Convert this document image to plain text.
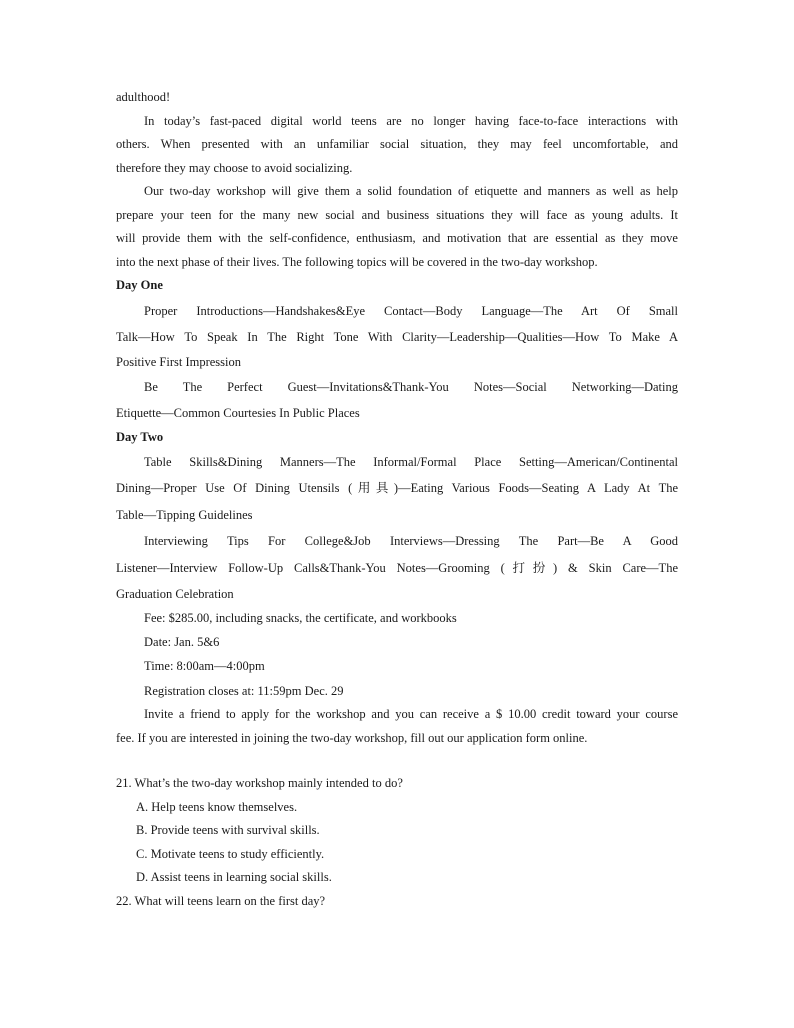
adulthood!
In today’s fast-paced digital world teens are no longer having face-to-face interactions with
others. When presented with an unfamiliar social situation, they may feel uncomfortable, and
therefore they may choose to avoid socializing.
Our two-day workshop will give them a solid foundation of etiquette and manners as well as help
prepare your teen for the many new social and business situations they will face as young adults. It
will provide them with the self-confidence, enthusiasm, and motivation that are essential as they move
into the next phase of their lives. The following topics will be covered in the two-day workshop.
Day One
Proper Introductions—Handshakes&Eye Contact—Body Language—The Art Of Small
Talk—How To Speak In The Right Tone With Clarity—Leadership—Qualities—How To Make A
Positive First Impression
Be The Perfect Guest—Invitations&Thank-You Notes—Social Networking—Dating
Etiquette—Common Courtesies In Public Places
Day Two
Table Skills&Dining Manners—The Informal/Formal Place Setting—American/Continental
Dining—Proper Use Of Dining Utensils (用具)—Eating Various Foods—Seating A Lady At The
Table—Tipping Guidelines
Interviewing Tips For College&Job Interviews—Dressing The Part—Be A Good
Listener—Interview Follow-Up Calls&Thank-You Notes—Grooming (打扮) & Skin Care—The
Graduation Celebration
Fee: $285.00, including snacks, the certificate, and workbooks
Date: Jan. 5&6
Time: 8:00am—4:00pm
Registration closes at: 11:59pm Dec. 29
Invite a friend to apply for the workshop and you can receive a $ 10.00 credit toward your course
fee. If you are interested in joining the two-day workshop, fill out our application form online.
21. What’s the two-day workshop mainly intended to do?
A. Help teens know themselves.
B. Provide teens with survival skills.
C. Motivate teens to study efficiently.
D. Assist teens in learning social skills.
22. What will teens learn on the first day?
